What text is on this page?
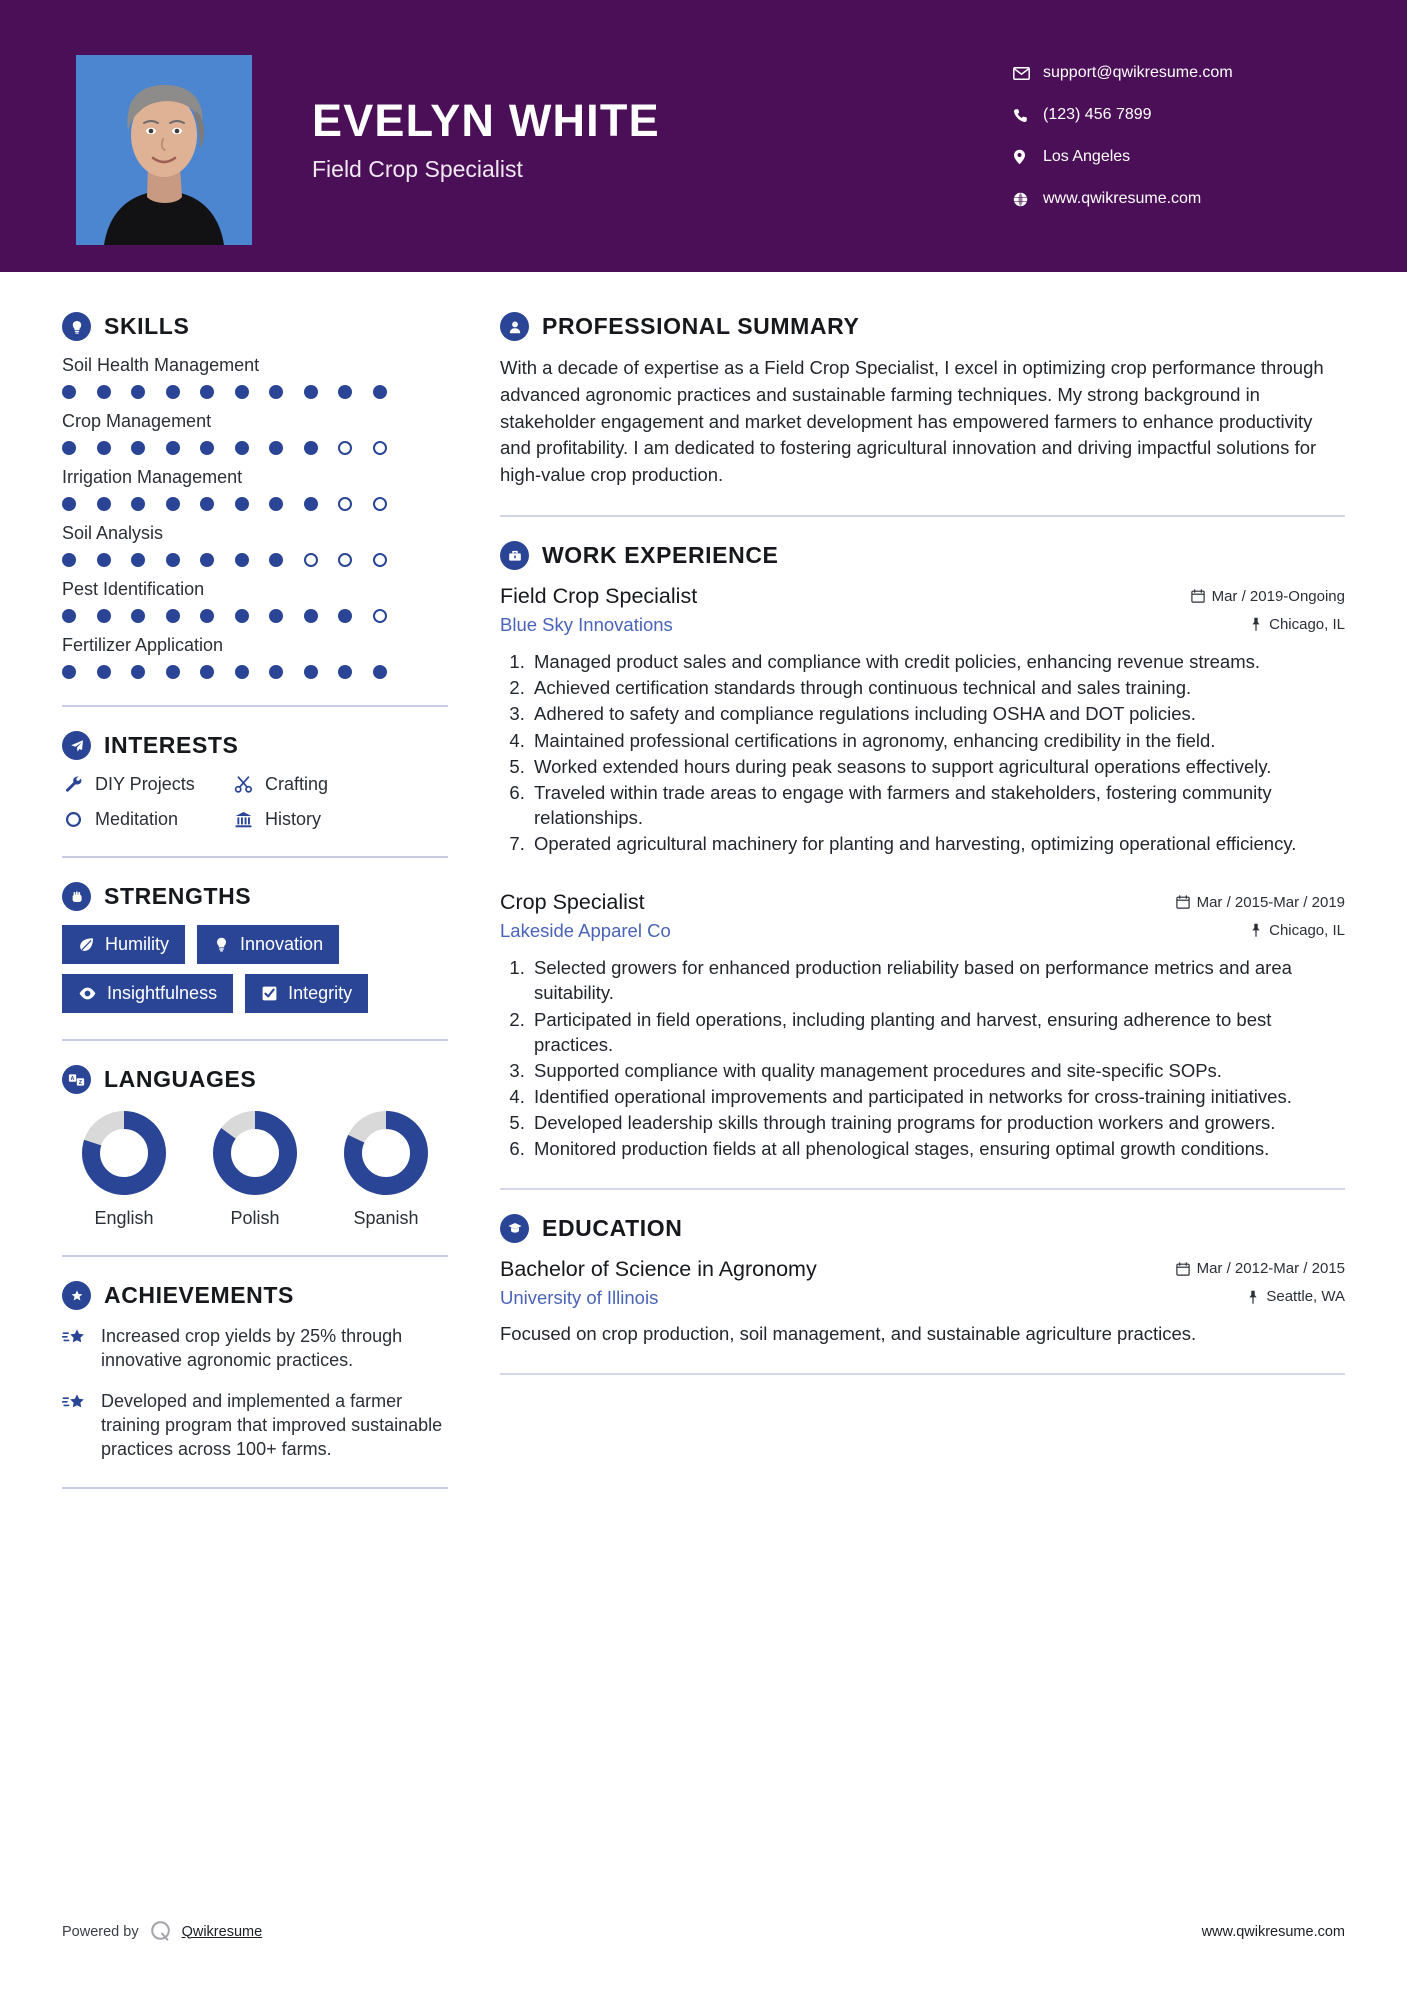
EVELYN WHITE
Field Crop Specialist
support@qwikresume.com
(123) 456 7899
Los Angeles
www.qwikresume.com
SKILLS
Soil Health Management
Crop Management
Irrigation Management
Soil Analysis
Pest Identification
Fertilizer Application
INTERESTS
DIY Projects	Crafting
Meditation	History
STRENGTHS
Humility	Innovation
Insightfulness	Integrity
A
Z LANGUAGES
English	Polish	Spanish
ACHIEVEMENTS
Increased crop yields by 25% through innovative agronomic practices.
Developed and implemented a farmer training program that improved sustainable practices across 100+ farms.
PROFESSIONAL SUMMARY
With a decade of expertise as a Field Crop Specialist, I excel in optimizing crop performance through advanced agronomic practices and sustainable farming techniques. My strong background in stakeholder engagement and market development has empowered farmers to enhance productivity and profitability. I am dedicated to fostering agricultural innovation and driving impactful solutions for high-value crop production.
WORK EXPERIENCE
Field Crop Specialist	Mar / 2019-Ongoing
Blue Sky Innovations	Chicago, IL
1. Managed product sales and compliance with credit policies, enhancing revenue streams.
2. Achieved certification standards through continuous technical and sales training.
3. Adhered to safety and compliance regulations including OSHA and DOT policies.
4. Maintained professional certifications in agronomy, enhancing credibility in the field.
5. Worked extended hours during peak seasons to support agricultural operations effectively.
6. Traveled within trade areas to engage with farmers and stakeholders, fostering community relationships.
7. Operated agricultural machinery for planting and harvesting, optimizing operational efficiency.
Crop Specialist	Mar / 2015-Mar / 2019
Lakeside Apparel Co	Chicago, IL
1. Selected growers for enhanced production reliability based on performance metrics and area suitability.
2. Participated in field operations, including planting and harvest, ensuring adherence to best practices.
3. Supported compliance with quality management procedures and site-specific SOPs.
4. Identified operational improvements and participated in networks for cross-training initiatives.
5. Developed leadership skills through training programs for production workers and growers.
6. Monitored production fields at all phenological stages, ensuring optimal growth conditions.
EDUCATION
Bachelor of Science in Agronomy	Mar / 2012-Mar / 2015
University of Illinois	Seattle, WA
Focused on crop production, soil management, and sustainable agriculture practices.
Powered by	Qwikresume	www.qwikresume.com
